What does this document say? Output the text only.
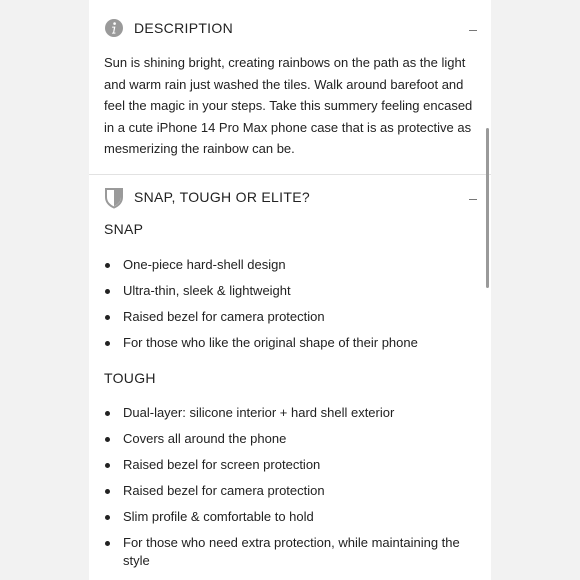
DESCRIPTION
Sun is shining bright, creating rainbows on the path as the light and warm rain just washed the tiles. Walk around barefoot and feel the magic in your steps. Take this summery feeling encased in a cute iPhone 14 Pro Max phone case that is as protective as mesmerizing the rainbow can be.
SNAP, TOUGH OR ELITE?
SNAP
One-piece hard-shell design
Ultra-thin, sleek & lightweight
Raised bezel for camera protection
For those who like the original shape of their phone
TOUGH
Dual-layer: silicone interior + hard shell exterior
Covers all around the phone
Raised bezel for screen protection
Raised bezel for camera protection
Slim profile & comfortable to hold
For those who need extra protection, while maintaining the style
